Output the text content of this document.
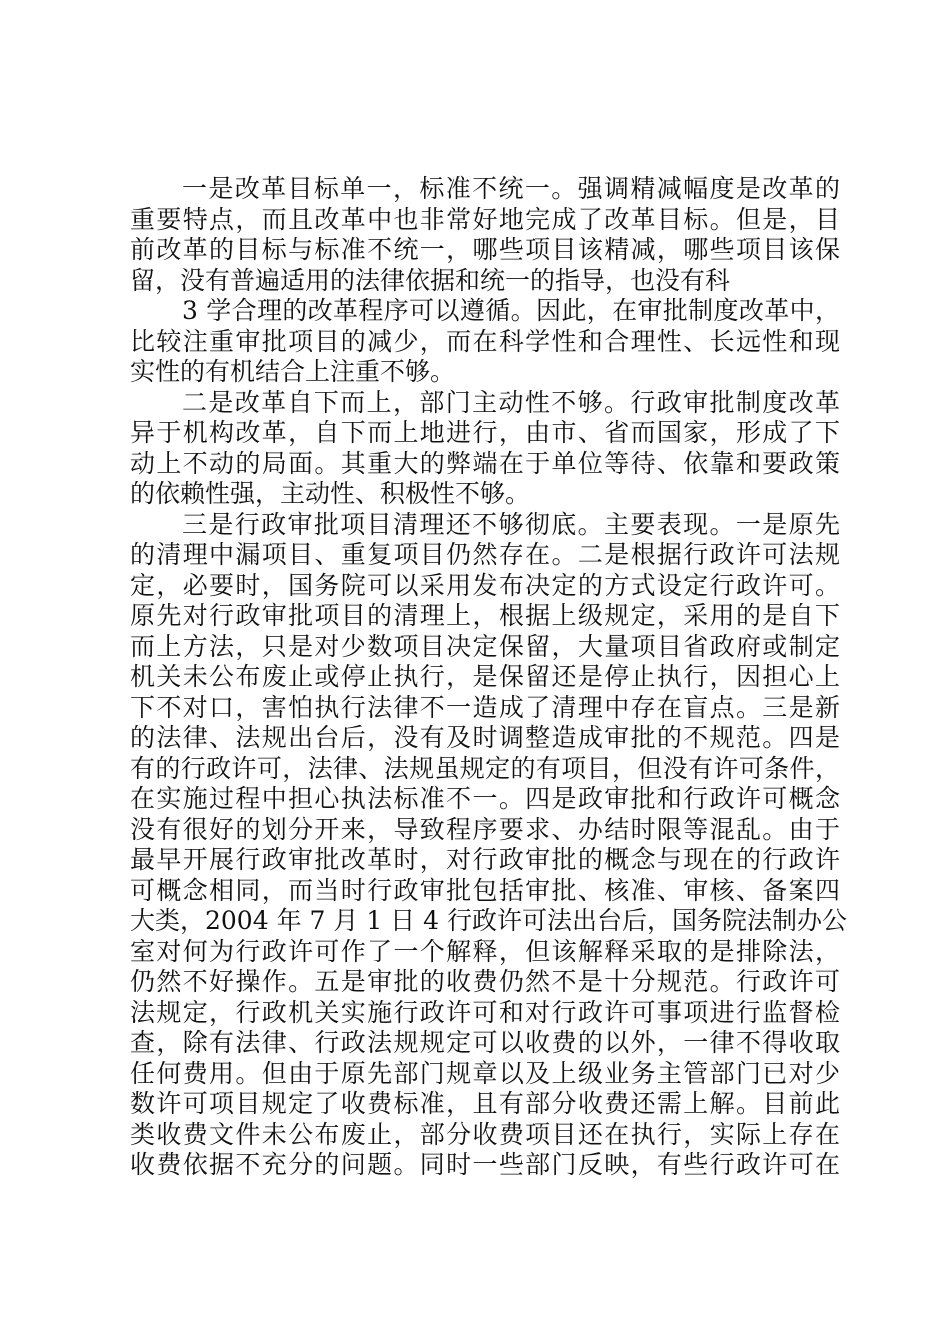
一是改革目标单一，标准不统一。强调精减幅度是改革的
重要特点，而且改革中也非常好地完成了改革目标。但是，目
前改革的目标与标准不统一，哪些项目该精减，哪些项目该保
留，没有普遍适用的法律依据和统一的指导，也没有科
3 学合理的改革程序可以遵循。因此，在审批制度改革中，
比较注重审批项目的减少，而在科学性和合理性、长远性和现
实性的有机结合上注重不够。
二是改革自下而上，部门主动性不够。行政审批制度改革
异于机构改革，自下而上地进行，由市、省而国家，形成了下
动上不动的局面。其重大的弊端在于单位等待、依靠和要政策
的依赖性强，主动性、积极性不够。
三是行政审批项目清理还不够彻底。主要表现。一是原先
的清理中漏项目、重复项目仍然存在。二是根据行政许可法规
定，必要时，国务院可以采用发布决定的方式设定行政许可。
原先对行政审批项目的清理上，根据上级规定，采用的是自下
而上方法，只是对少数项目决定保留，大量项目省政府或制定
机关未公布废止或停止执行，是保留还是停止执行，因担心上
下不对口，害怕执行法律不一造成了清理中存在盲点。三是新
的法律、法规出台后，没有及时调整造成审批的不规范。四是
有的行政许可，法律、法规虽规定的有项目，但没有许可条件，
在实施过程中担心执法标准不一。四是政审批和行政许可概念
没有很好的划分开来，导致程序要求、办结时限等混乱。由于
最早开展行政审批改革时，对行政审批的概念与现在的行政许
可概念相同，而当时行政审批包括审批、核准、审核、备案四
大类，2004 年 7 月 1 日 4 行政许可法出台后，国务院法制办公
室对何为行政许可作了一个解释，但该解释采取的是排除法，
仍然不好操作。五是审批的收费仍然不是十分规范。行政许可
法规定，行政机关实施行政许可和对行政许可事项进行监督检
查，除有法律、行政法规规定可以收费的以外，一律不得收取
任何费用。但由于原先部门规章以及上级业务主管部门已对少
数许可项目规定了收费标准，且有部分收费还需上解。目前此
类收费文件未公布废止，部分收费项目还在执行，实际上存在
收费依据不充分的问题。同时一些部门反映，有些行政许可在
